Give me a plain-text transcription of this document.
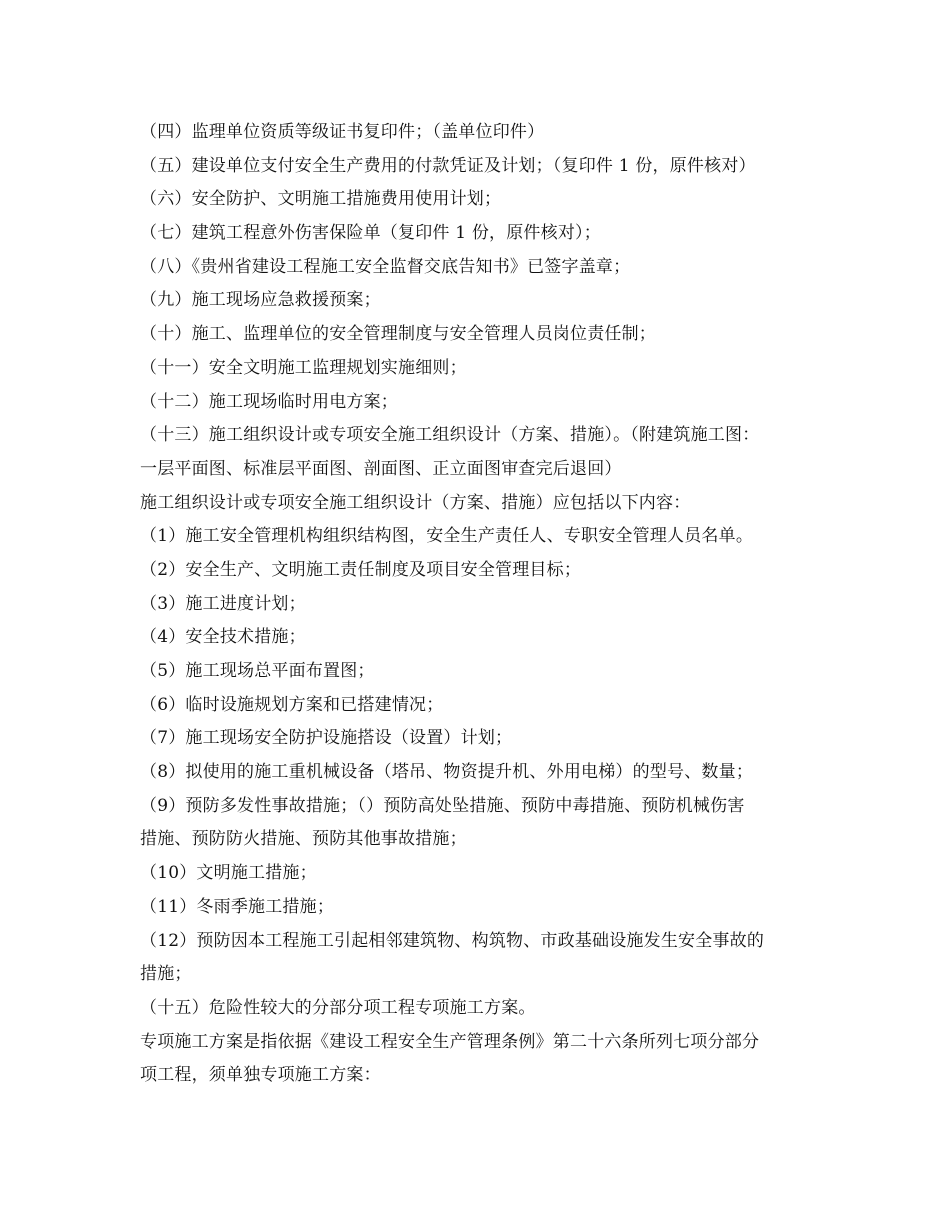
（四）监理单位资质等级证书复印件；（盖单位印件）
（五）建设单位支付安全生产费用的付款凭证及计划；（复印件 1 份，原件核对）
（六）安全防护、文明施工措施费用使用计划；
（七）建筑工程意外伤害保险单（复印件 1 份，原件核对）；
（八）《贵州省建设工程施工安全监督交底告知书》已签字盖章；
（九）施工现场应急救援预案；
（十）施工、监理单位的安全管理制度与安全管理人员岗位责任制；
（十一）安全文明施工监理规划实施细则；
（十二）施工现场临时用电方案；
（十三）施工组织设计或专项安全施工组织设计（方案、措施）。（附建筑施工图：
一层平面图、标准层平面图、剖面图、正立面图审查完后退回）
施工组织设计或专项安全施工组织设计（方案、措施）应包括以下内容：
（1）施工安全管理机构组织结构图，安全生产责任人、专职安全管理人员名单。
（2）安全生产、文明施工责任制度及项目安全管理目标；
（3）施工进度计划；
（4）安全技术措施；
（5）施工现场总平面布置图；
（6）临时设施规划方案和已搭建情况；
（7）施工现场安全防护设施搭设（设置）计划；
（8）拟使用的施工重机械设备（塔吊、物资提升机、外用电梯）的型号、数量；
（9）预防多发性事故措施；（）预防高处坠措施、预防中毒措施、预防机械伤害
措施、预防防火措施、预防其他事故措施；
（10）文明施工措施；
（11）冬雨季施工措施；
（12）预防因本工程施工引起相邻建筑物、构筑物、市政基础设施发生安全事故的
措施；
（十五）危险性较大的分部分项工程专项施工方案。
专项施工方案是指依据《建设工程安全生产管理条例》第二十六条所列七项分部分
项工程，须单独专项施工方案：
